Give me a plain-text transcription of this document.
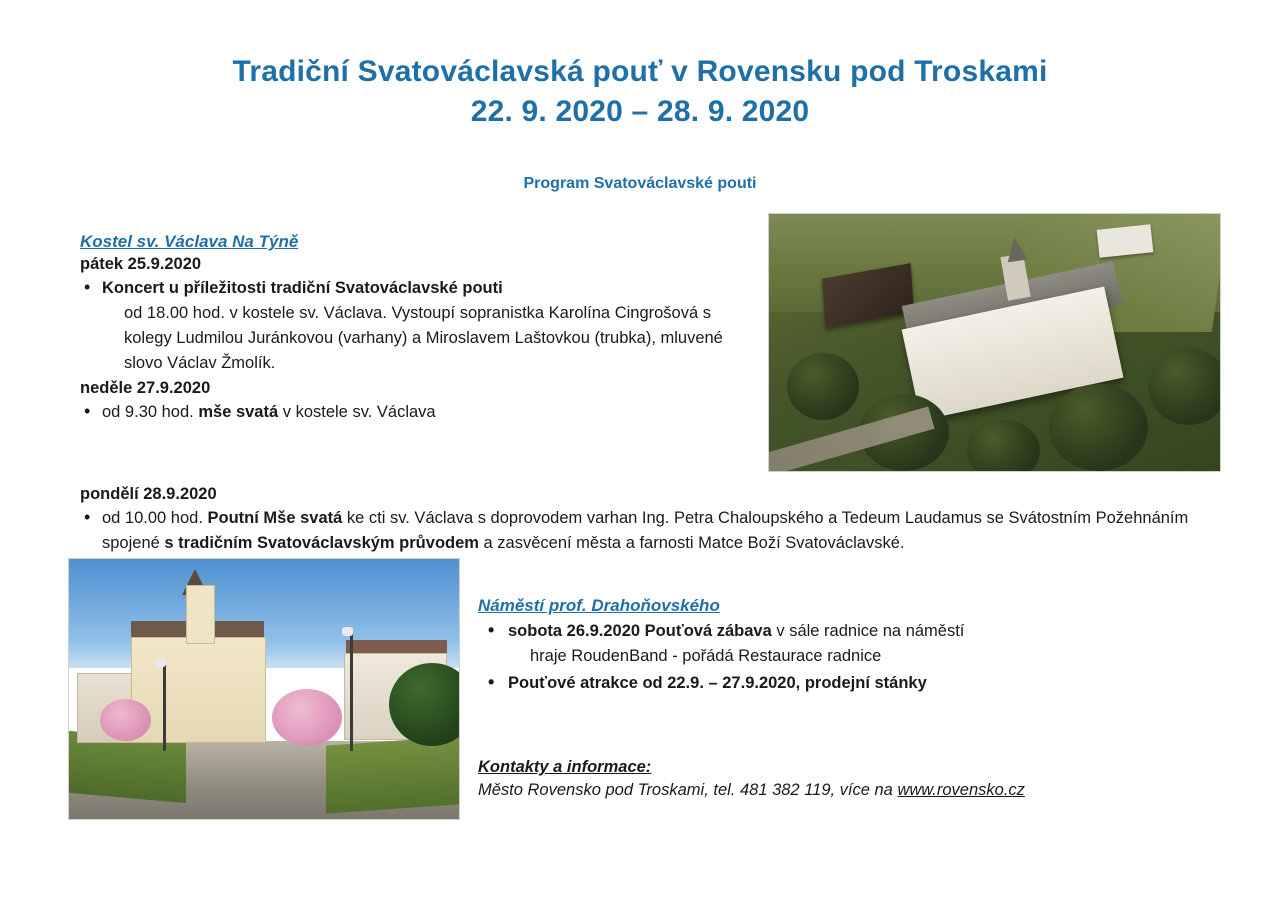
Tradiční Svatováclavská pouť v Rovensku pod Troskami
22. 9. 2020 – 28. 9. 2020
Program Svatováclavské pouti
Kostel sv. Václava Na Týně
pátek 25.9.2020
• Koncert u příležitosti tradiční Svatováclavské pouti
od 18.00 hod. v kostele sv. Václava. Vystoupí sopranistka Karolína Cingrošová s kolegy Ludmilou Juránkovou (varhany) a Miroslavem Laštovkou (trubka), mluvené slovo Václav Žmolík.
neděle 27.9.2020
• od 9.30 hod. mše svatá v kostele sv. Václava
pondělí 28.9.2020
• od 10.00 hod. Poutní Mše svatá ke cti sv. Václava s doprovodem varhan Ing. Petra Chaloupského a Tedeum Laudamus se Svátostním Požehnáním spojené s tradičním Svatováclavským průvodem a zasvěcení města a farnosti Matce Boží Svatováclavské.
Náměstí prof. Drahoňovského
• sobota 26.9.2020 Pouťová zábava v sále radnice na náměstí
hraje RoudenBand - pořádá Restaurace radnice
• Pouťové atrakce od 22.9. – 27.9.2020, prodejní stánky
Kontakty a informace:
Město Rovensko pod Troskami, tel. 481 382 119, více na www.rovensko.cz
